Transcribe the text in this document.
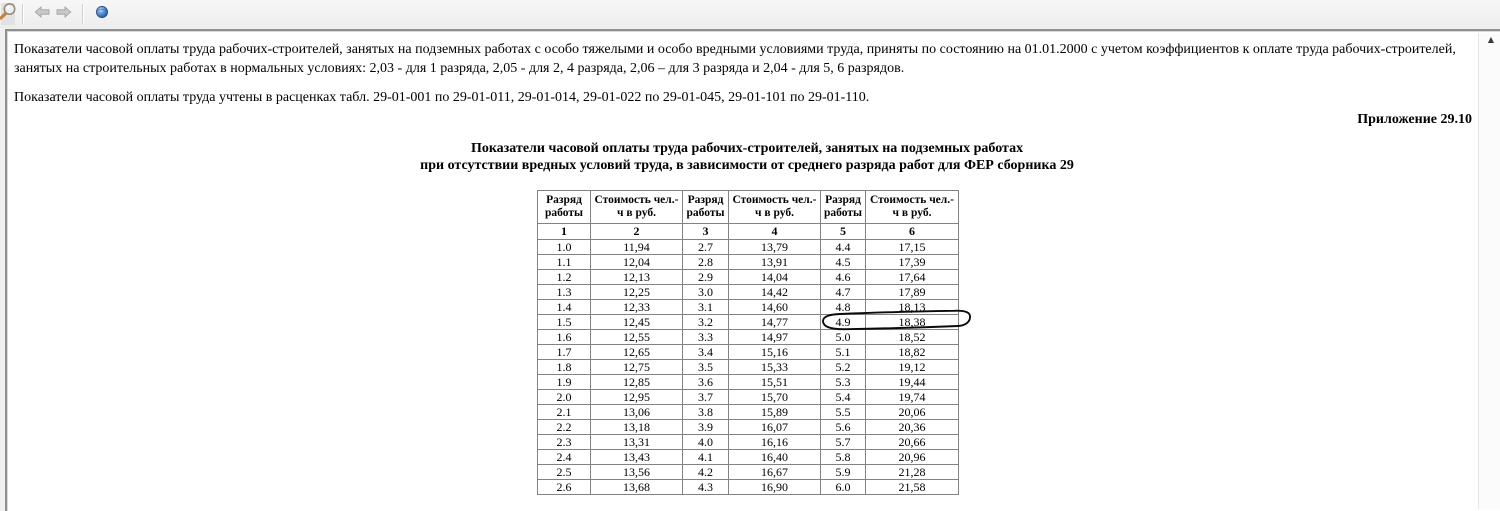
▲
Показатели часовой оплаты труда рабочих-строителей, занятых на подземных работах с особо тяжелыми и особо вредными условиями труда, приняты по состоянию на 01.01.2000 с учетом коэффициентов к оплате труда рабочих-строителей, занятых на строительных работах в нормальных условиях: 2,03 - для 1 разряда, 2,05 - для 2, 4 разряда, 2,06 – для 3 разряда и 2,04 - для 5, 6 разрядов.
Показатели часовой оплаты труда учтены в расценках табл. 29-01-001 по 29-01-011, 29-01-014, 29-01-022 по 29-01-045, 29-01-101 по 29-01-110.
Приложение 29.10
Показатели часовой оплаты труда рабочих-строителей, занятых на подземных работах
при отсутствии вредных условий труда, в зависимости от среднего разряда работ для ФЕР сборника 29
Разряд работы	Стоимость чел.-ч в руб.	Разряд работы	Стоимость чел.-ч в руб.	Разряд работы	Стоимость чел.-ч в руб.
1	2	3	4	5	6
1.0	11,94	2.7	13,79	4.4	17,15
1.1	12,04	2.8	13,91	4.5	17,39
1.2	12,13	2.9	14,04	4.6	17,64
1.3	12,25	3.0	14,42	4.7	17,89
1.4	12,33	3.1	14,60	4.8	18,13
1.5	12,45	3.2	14,77	4.9	18,38
1.6	12,55	3.3	14,97	5.0	18,52
1.7	12,65	3.4	15,16	5.1	18,82
1.8	12,75	3.5	15,33	5.2	19,12
1.9	12,85	3.6	15,51	5.3	19,44
2.0	12,95	3.7	15,70	5.4	19,74
2.1	13,06	3.8	15,89	5.5	20,06
2.2	13,18	3.9	16,07	5.6	20,36
2.3	13,31	4.0	16,16	5.7	20,66
2.4	13,43	4.1	16,40	5.8	20,96
2.5	13,56	4.2	16,67	5.9	21,28
2.6	13,68	4.3	16,90	6.0	21,58
